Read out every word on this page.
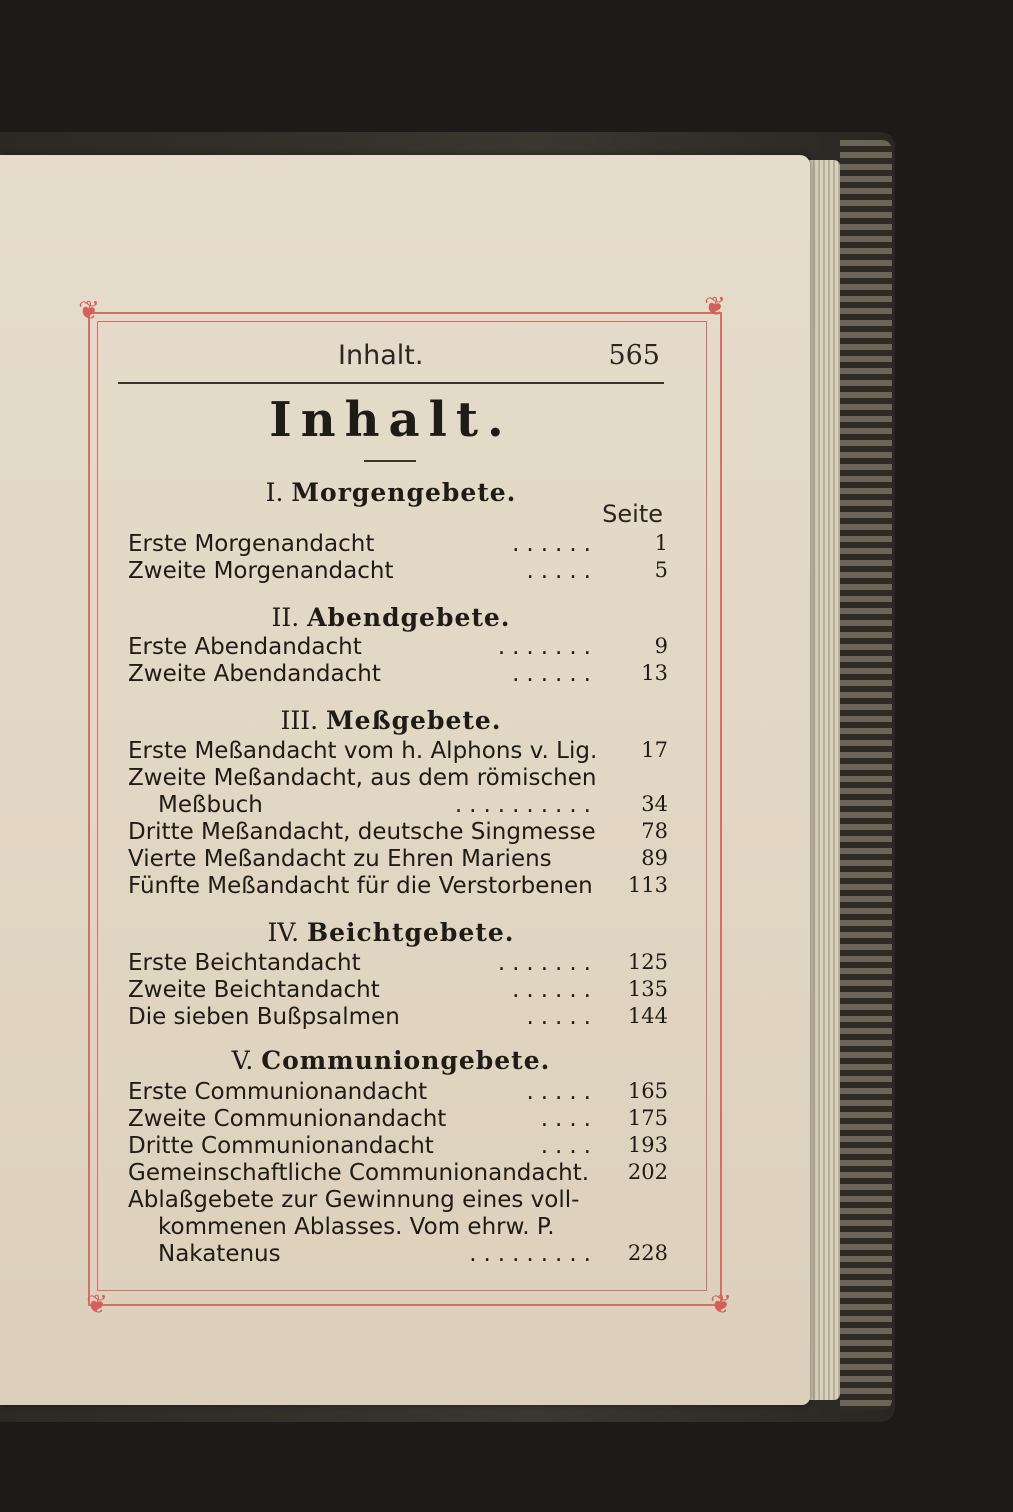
❦	❦
❦	❦
Inhalt.	565
Inhalt.
I. Morgengebete.
Seite
Erste Morgenandacht	......	1
Zweite Morgenandacht	.....	5
II. Abendgebete.
Erste Abendandacht	.......	9
Zweite Abendandacht	......	13
III. Meßgebete.
Erste Meßandacht vom h. Alphons v. Lig.	17
Zweite Meßandacht, aus dem römischen
Meßbuch	..........	34
Dritte Meßandacht, deutsche Singmesse	78
Vierte Meßandacht zu Ehren Mariens	89
Fünfte Meßandacht für die Verstorbenen	113
IV. Beichtgebete.
Erste Beichtandacht	.......	125
Zweite Beichtandacht	......	135
Die sieben Bußpsalmen	.....	144
V. Communiongebete.
Erste Communionandacht	.....	165
Zweite Communionandacht	....	175
Dritte Communionandacht	....	193
Gemeinschaftliche Communionandacht.	202
Ablaßgebete zur Gewinnung eines voll-
kommenen Ablasses. Vom ehrw. P.
Nakatenus	.........	228
